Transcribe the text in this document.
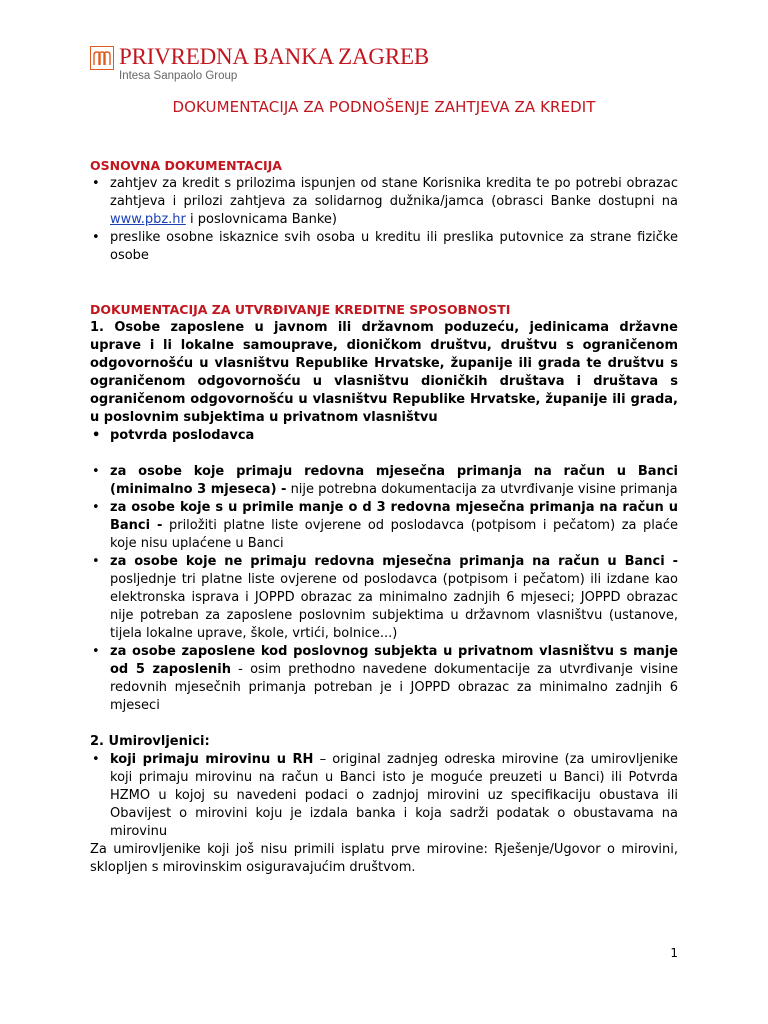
PRIVREDNA BANKA ZAGREB
Intesa Sanpaolo Group
DOKUMENTACIJA ZA PODNOŠENJE ZAHTJEVA ZA KREDIT

OSNOVNA DOKUMENTACIJA

• zahtjev za kredit s prilozima ispunjen od stane Korisnika kredita te po potrebi obrazac zahtjeva i prilozi zahtjeva za solidarnog dužnika/jamca (obrasci Banke dostupni na www.pbz.hr i poslovnicama Banke)
• preslike osobne iskaznice svih osoba u kreditu ili preslika putovnice za strane fizičke osobe

DOKUMENTACIJA ZA UTVRĐIVANJE KREDITNE SPOSOBNOSTI

1. Osobe zaposlene u javnom ili državnom poduzeću, jedinicama državne uprave i li lokalne samouprave, dioničkom društvu, društvu s ograničenom odgovornošću u vlasništvu Republike Hrvatske, županije ili grada te društvu s ograničenom odgovornošću u vlasništvu dioničkih društava i društava s ograničenom odgovornošću u vlasništvu Republike Hrvatske, županije ili grada, u poslovnim subjektima u privatnom vlasništvu

• potvrda poslodavca
• za osobe koje primaju redovna mjesečna primanja na račun u Banci (minimalno 3 mjeseca) - nije potrebna dokumentacija za utvrđivanje visine primanja
• za osobe koje s u primile manje o d 3 redovna mjesečna primanja na račun u Banci - priložiti platne liste ovjerene od poslodavca (potpisom i pečatom) za plaće koje nisu uplaćene u Banci
• za osobe koje ne primaju redovna mjesečna primanja na račun u Banci - posljednje tri platne liste ovjerene od poslodavca (potpisom i pečatom) ili izdane kao elektronska isprava i JOPPD obrazac za minimalno zadnjih 6 mjeseci; JOPPD obrazac nije potreban za zaposlene poslovnim subjektima u državnom vlasništvu (ustanove, tijela lokalne uprave, škole, vrtići, bolnice...)
• za osobe zaposlene kod poslovnog subjekta u privatnom vlasništvu s manje od 5 zaposlenih - osim prethodno navedene dokumentacije za utvrđivanje visine redovnih mjesečnih primanja potreban je i JOPPD obrazac za minimalno zadnjih 6 mjeseci

2. Umirovljenici:

• koji primaju mirovinu u RH – original zadnjeg odreska mirovine (za umirovljenike koji primaju mirovinu na račun u Banci isto je moguće preuzeti u Banci) ili Potvrda HZMO u kojoj su navedeni podaci o zadnjoj mirovini uz specifikaciju obustava ili Obavijest o mirovini koju je izdala banka i koja sadrži podatak o obustavama na mirovinu

Za umirovljenike koji još nisu primili isplatu prve mirovine: Rješenje/Ugovor o mirovini, sklopljen s mirovinskim osiguravajućim društvom.

1
